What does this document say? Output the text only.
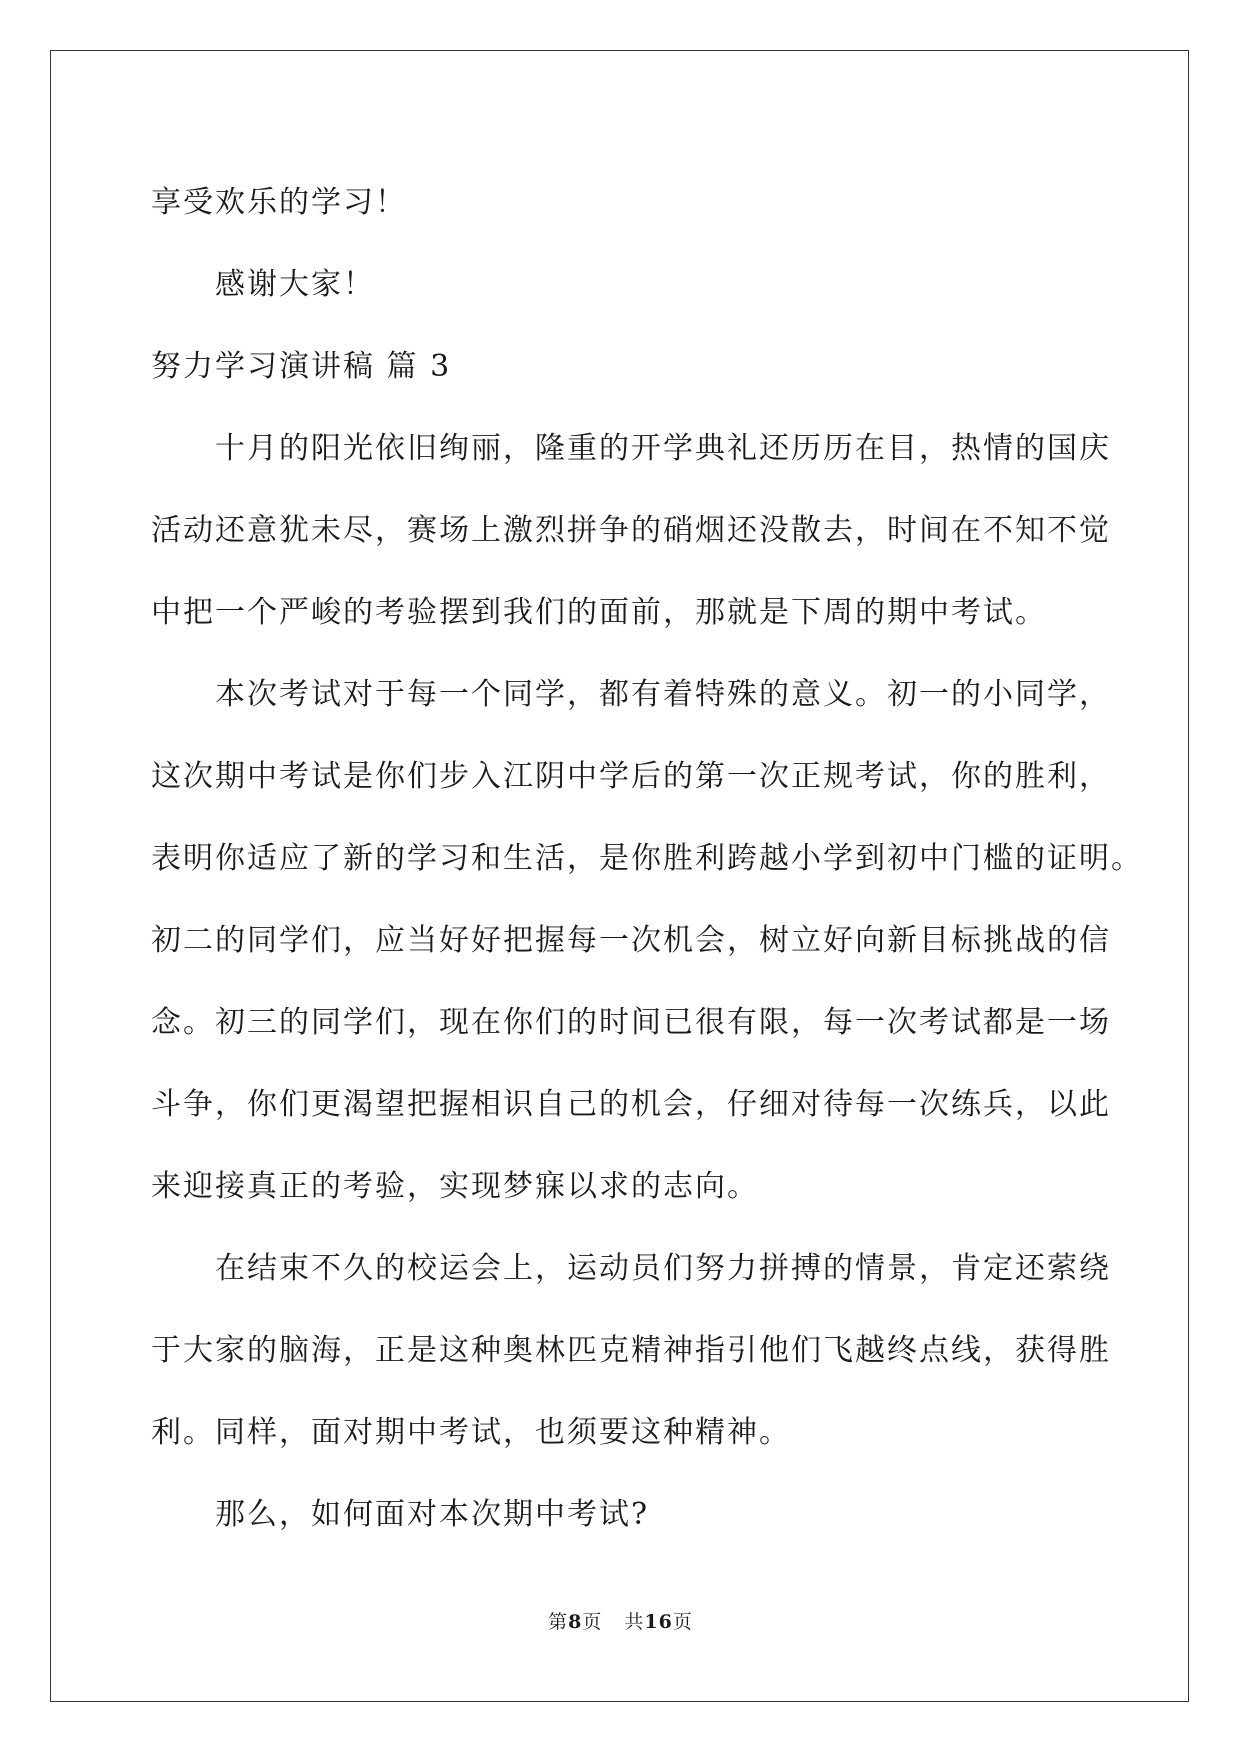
享受欢乐的学习！
感谢大家！
努力学习演讲稿 篇 3
十月的阳光依旧绚丽，隆重的开学典礼还历历在目，热情的国庆
活动还意犹未尽，赛场上激烈拼争的硝烟还没散去，时间在不知不觉
中把一个严峻的考验摆到我们的面前，那就是下周的期中考试。
本次考试对于每一个同学，都有着特殊的意义。初一的小同学，
这次期中考试是你们步入江阴中学后的第一次正规考试，你的胜利，
表明你适应了新的学习和生活，是你胜利跨越小学到初中门槛的证明。
初二的同学们，应当好好把握每一次机会，树立好向新目标挑战的信
念。初三的同学们，现在你们的时间已很有限，每一次考试都是一场
斗争，你们更渴望把握相识自己的机会，仔细对待每一次练兵，以此
来迎接真正的考验，实现梦寐以求的志向。
在结束不久的校运会上，运动员们努力拼搏的情景，肯定还萦绕
于大家的脑海，正是这种奥林匹克精神指引他们飞越终点线，获得胜
利。同样，面对期中考试，也须要这种精神。
那么，如何面对本次期中考试?
第8页 共16页
